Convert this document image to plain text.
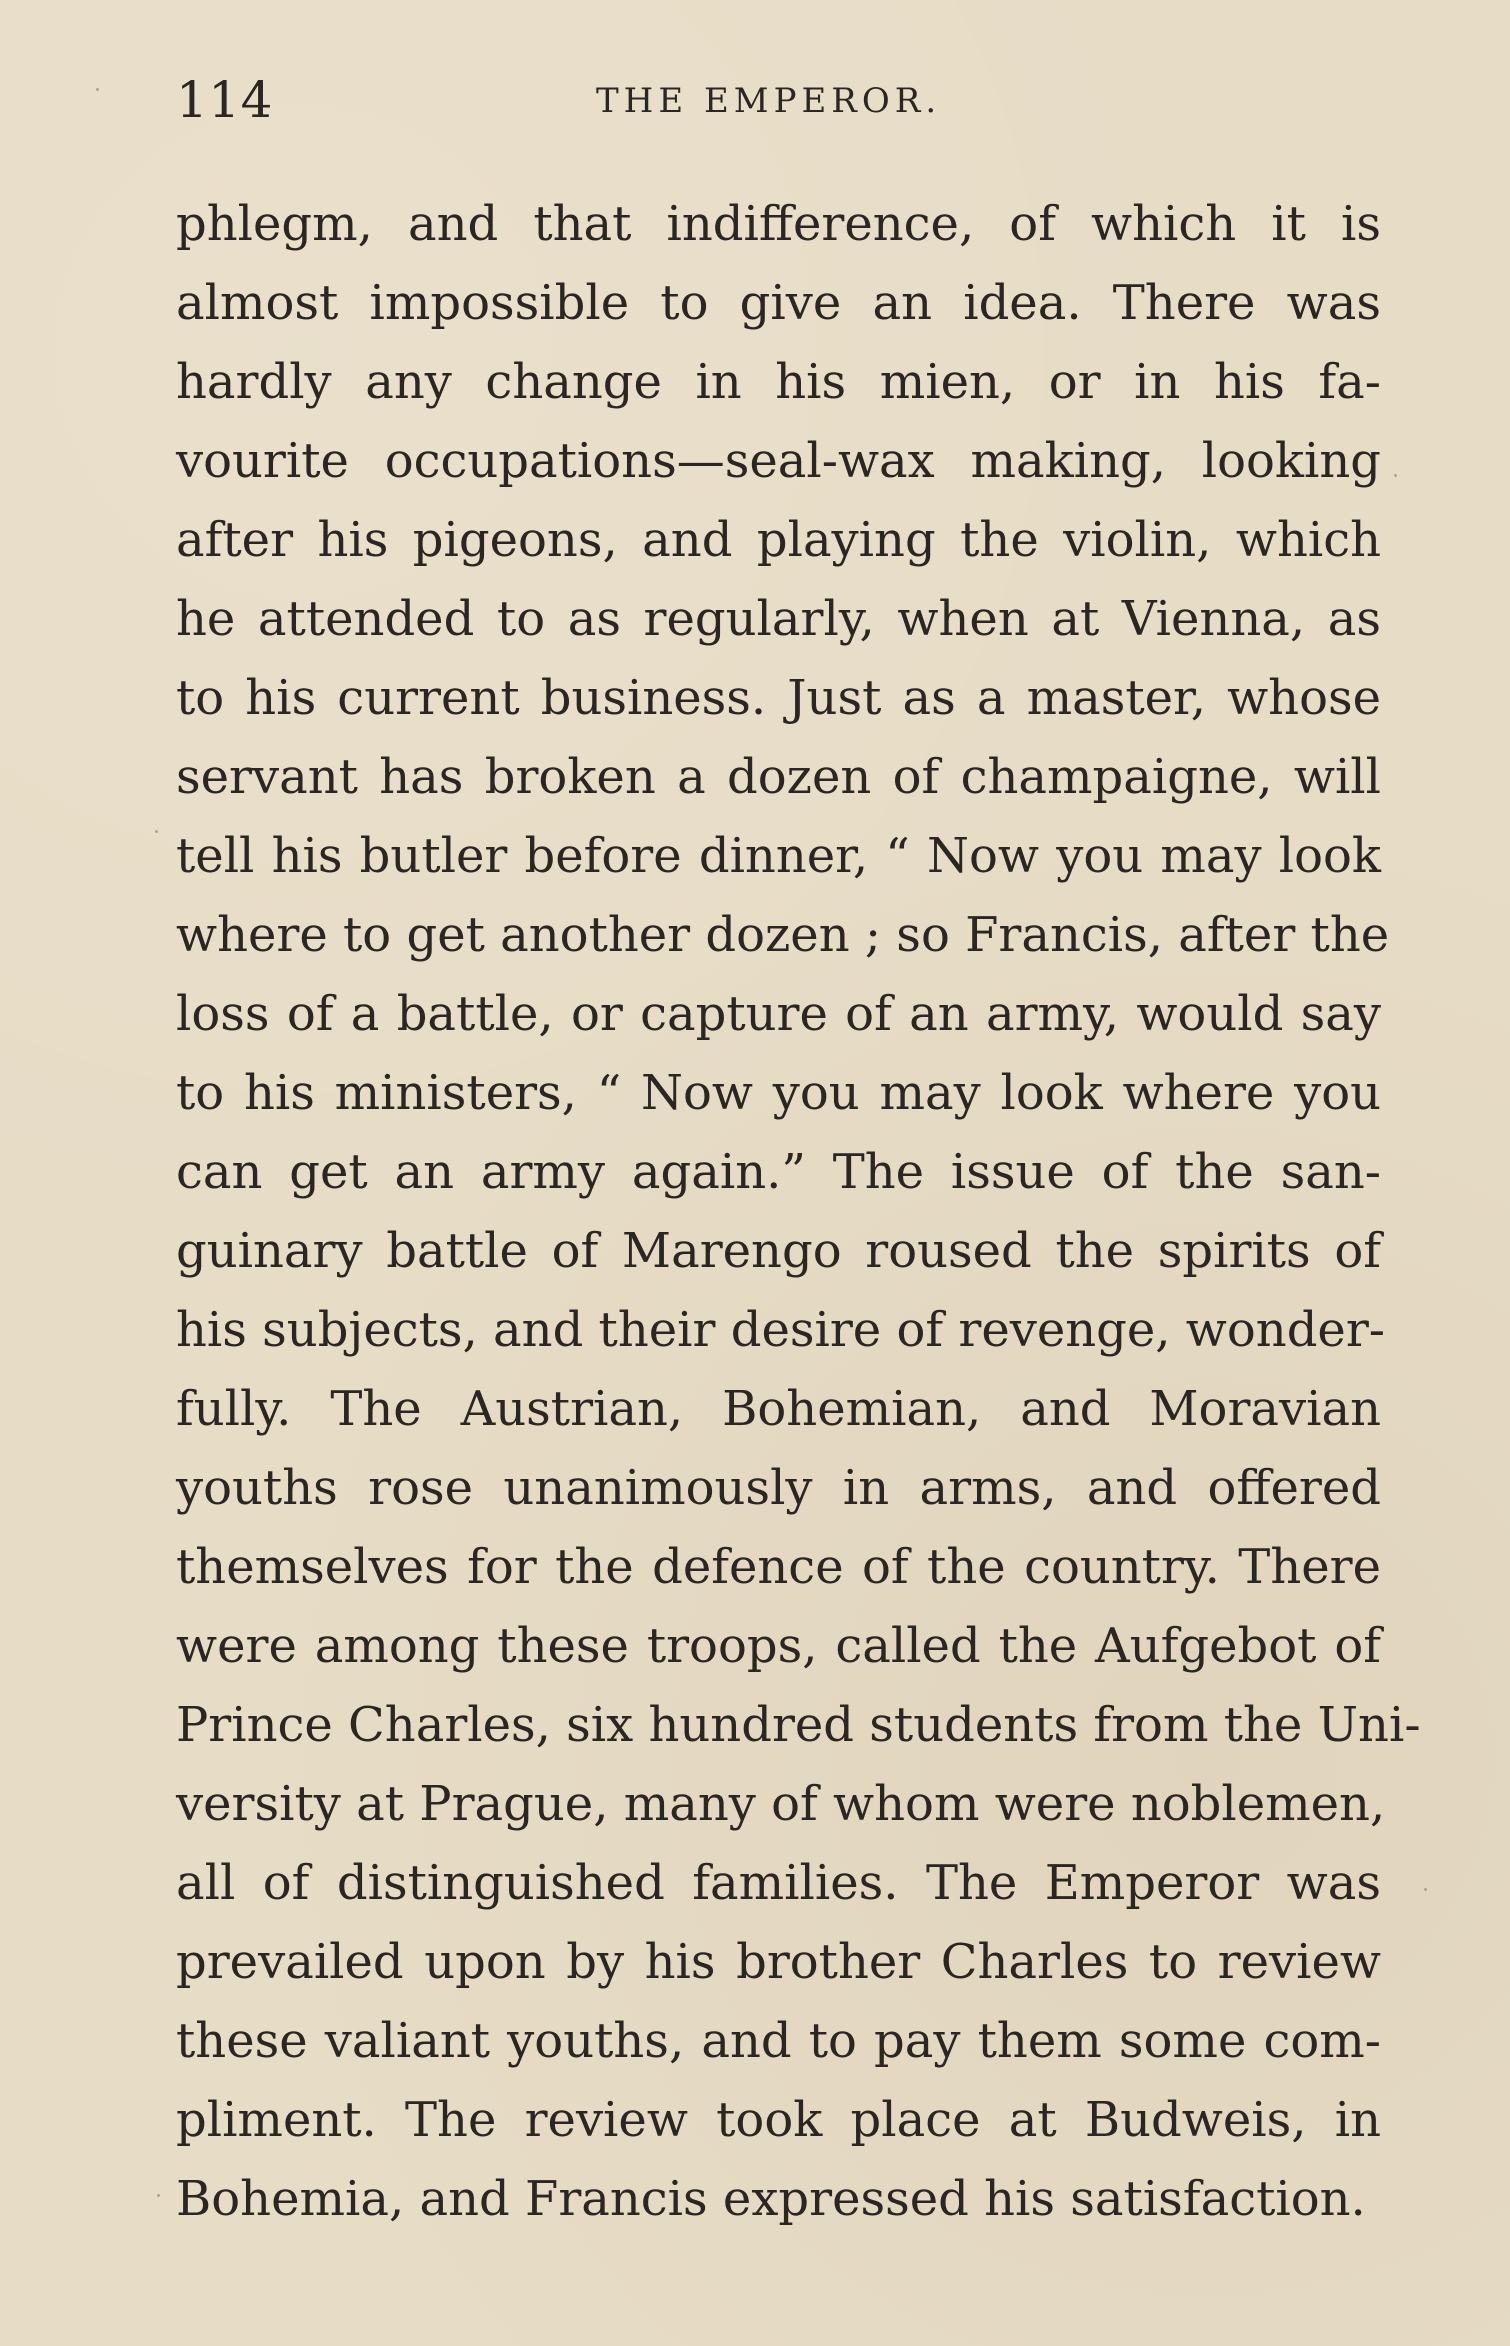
114	THE EMPEROR.
phlegm, and that indifference, of which it is
almost impossible to give an idea. There was
hardly any change in his mien, or in his fa-
vourite occupations—seal-wax making, looking
after his pigeons, and playing the violin, which
he attended to as regularly, when at Vienna, as
to his current business. Just as a master, whose
servant has broken a dozen of champaigne, will
tell his butler before dinner, “ Now you may look
where to get another dozen ; so Francis, after the
loss of a battle, or capture of an army, would say
to his ministers, “ Now you may look where you
can get an army again.” The issue of the san-
guinary battle of Marengo roused the spirits of
his subjects, and their desire of revenge, wonder-
fully. The Austrian, Bohemian, and Moravian
youths rose unanimously in arms, and offered
themselves for the defence of the country. There
were among these troops, called the Aufgebot of
Prince Charles, six hundred students from the Uni-
versity at Prague, many of whom were noblemen,
all of distinguished families. The Emperor was
prevailed upon by his brother Charles to review
these valiant youths, and to pay them some com-
pliment. The review took place at Budweis, in
Bohemia, and Francis expressed his satisfaction.
